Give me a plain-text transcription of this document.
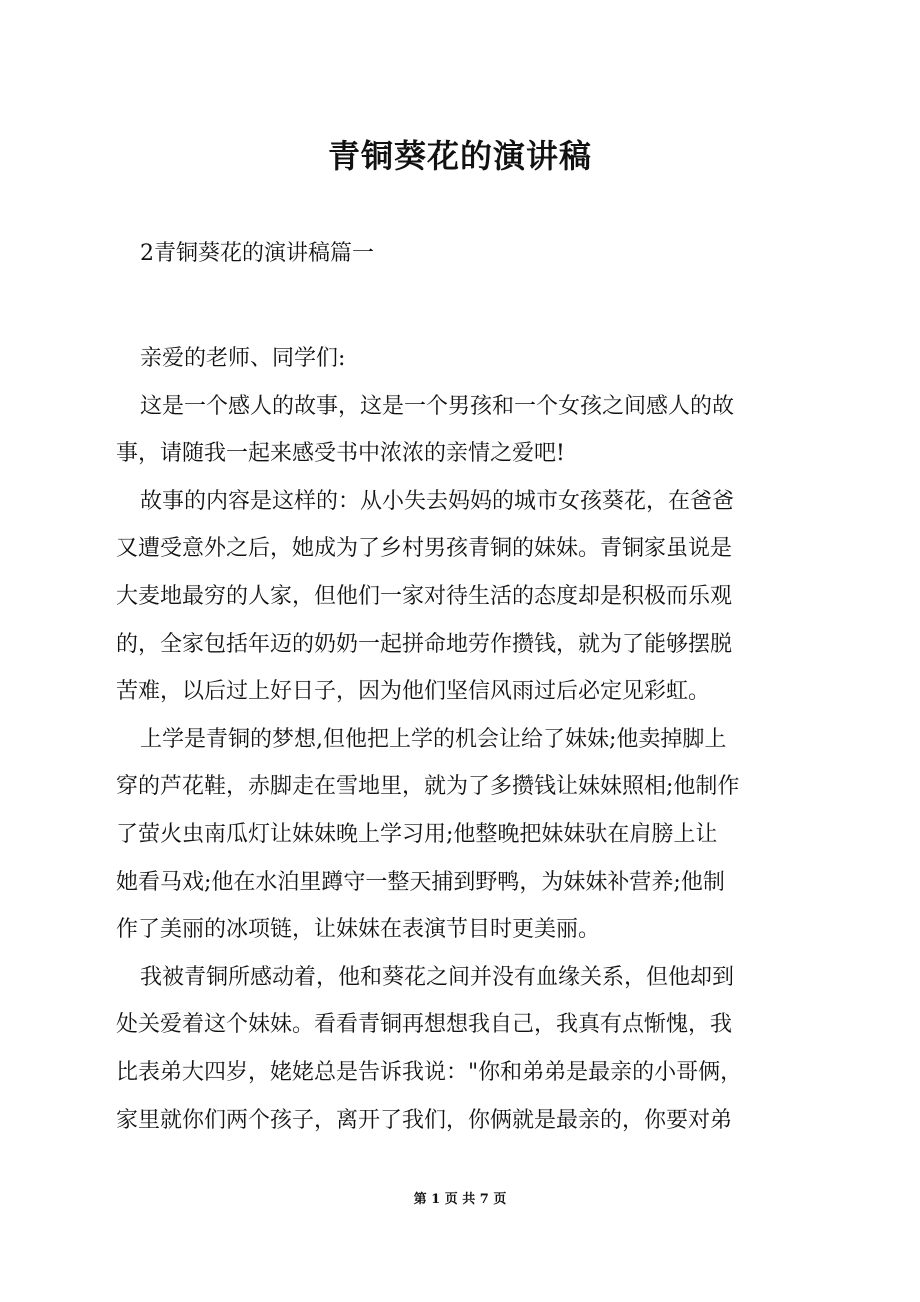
青铜葵花的演讲稿
2青铜葵花的演讲稿篇一
亲爱的老师、同学们:
这是一个感人的故事，这是一个男孩和一个女孩之间感人的故
事，请随我一起来感受书中浓浓的亲情之爱吧!
故事的内容是这样的：从小失去妈妈的城市女孩葵花，在爸爸
又遭受意外之后，她成为了乡村男孩青铜的妹妹。青铜家虽说是
大麦地最穷的人家，但他们一家对待生活的态度却是积极而乐观
的，全家包括年迈的奶奶一起拼命地劳作攒钱，就为了能够摆脱
苦难，以后过上好日子，因为他们坚信风雨过后必定见彩虹。
上学是青铜的梦想,但他把上学的机会让给了妹妹;他卖掉脚上
穿的芦花鞋，赤脚走在雪地里，就为了多攒钱让妹妹照相;他制作
了萤火虫南瓜灯让妹妹晚上学习用;他整晚把妹妹驮在肩膀上让
她看马戏;他在水泊里蹲守一整天捕到野鸭，为妹妹补营养;他制
作了美丽的冰项链，让妹妹在表演节目时更美丽。
我被青铜所感动着，他和葵花之间并没有血缘关系，但他却到
处关爱着这个妹妹。看看青铜再想想我自己，我真有点惭愧，我
比表弟大四岁，姥姥总是告诉我说："你和弟弟是最亲的小哥俩，
家里就你们两个孩子，离开了我们，你俩就是最亲的，你要对弟
第 1 页 共 7 页
